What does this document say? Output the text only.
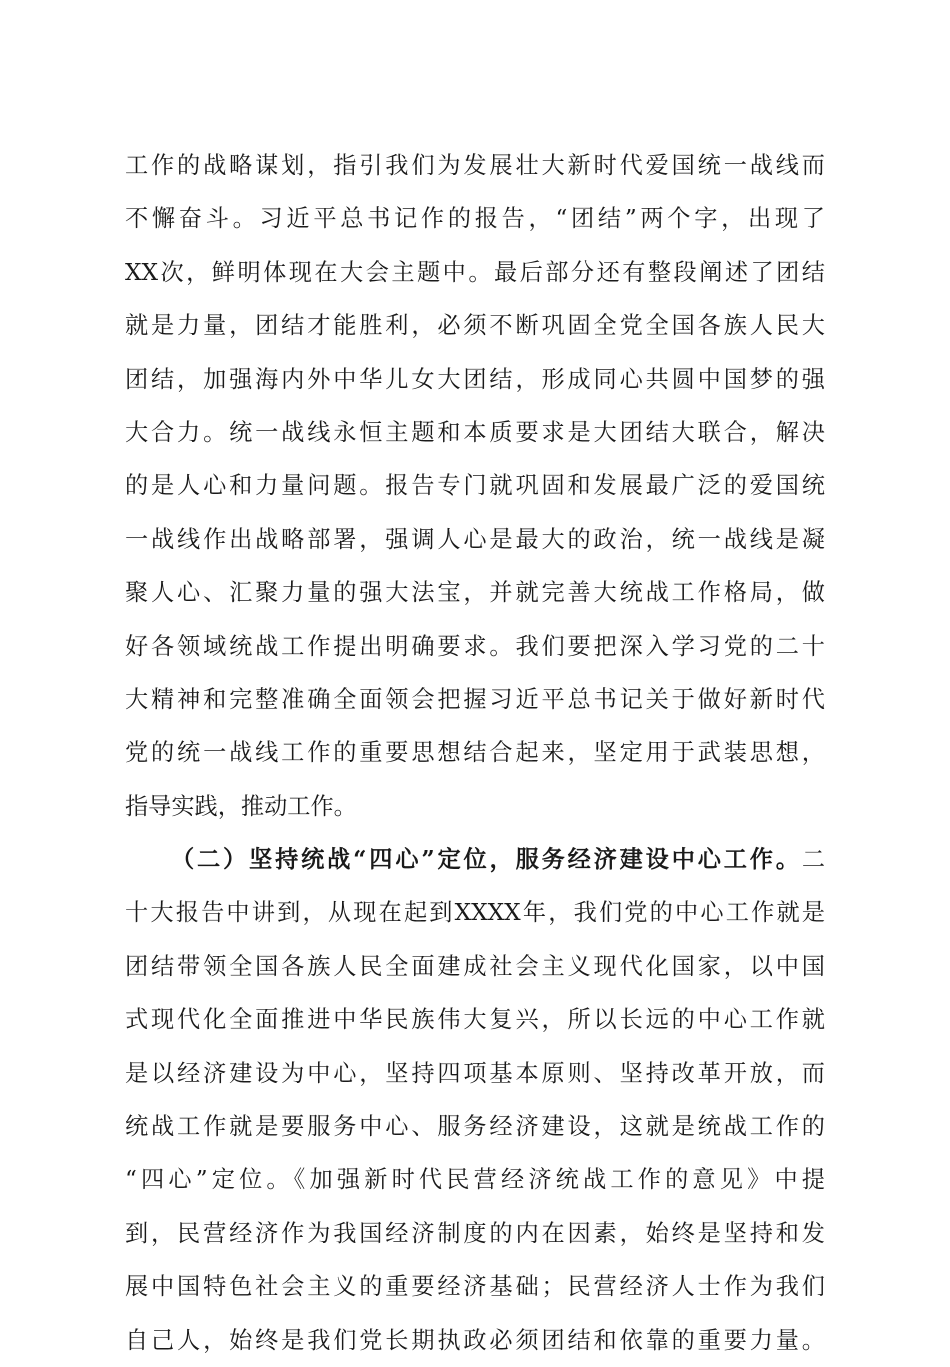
工作的战略谋划，指引我们为发展壮大新时代爱国统一战线而
不懈奋斗。习近平总书记作的报告，“团结”两个字，出现了
XX次，鲜明体现在大会主题中。最后部分还有整段阐述了团结
就是力量，团结才能胜利，必须不断巩固全党全国各族人民大
团结，加强海内外中华儿女大团结，形成同心共圆中国梦的强
大合力。统一战线永恒主题和本质要求是大团结大联合，解决
的是人心和力量问题。报告专门就巩固和发展最广泛的爱国统
一战线作出战略部署，强调人心是最大的政治，统一战线是凝
聚人心、汇聚力量的强大法宝，并就完善大统战工作格局，做
好各领域统战工作提出明确要求。我们要把深入学习党的二十
大精神和完整准确全面领会把握习近平总书记关于做好新时代
党的统一战线工作的重要思想结合起来，坚定用于武装思想，
指导实践，推动工作。
（二）坚持统战“四心”定位，服务经济建设中心工作。二
十大报告中讲到，从现在起到XXXX年，我们党的中心工作就是
团结带领全国各族人民全面建成社会主义现代化国家，以中国
式现代化全面推进中华民族伟大复兴，所以长远的中心工作就
是以经济建设为中心，坚持四项基本原则、坚持改革开放，而
统战工作就是要服务中心、服务经济建设，这就是统战工作的
“四心”定位。《加强新时代民营经济统战工作的意见》中提
到，民营经济作为我国经济制度的内在因素，始终是坚持和发
展中国特色社会主义的重要经济基础；民营经济人士作为我们
自己人，始终是我们党长期执政必须团结和依靠的重要力量。
